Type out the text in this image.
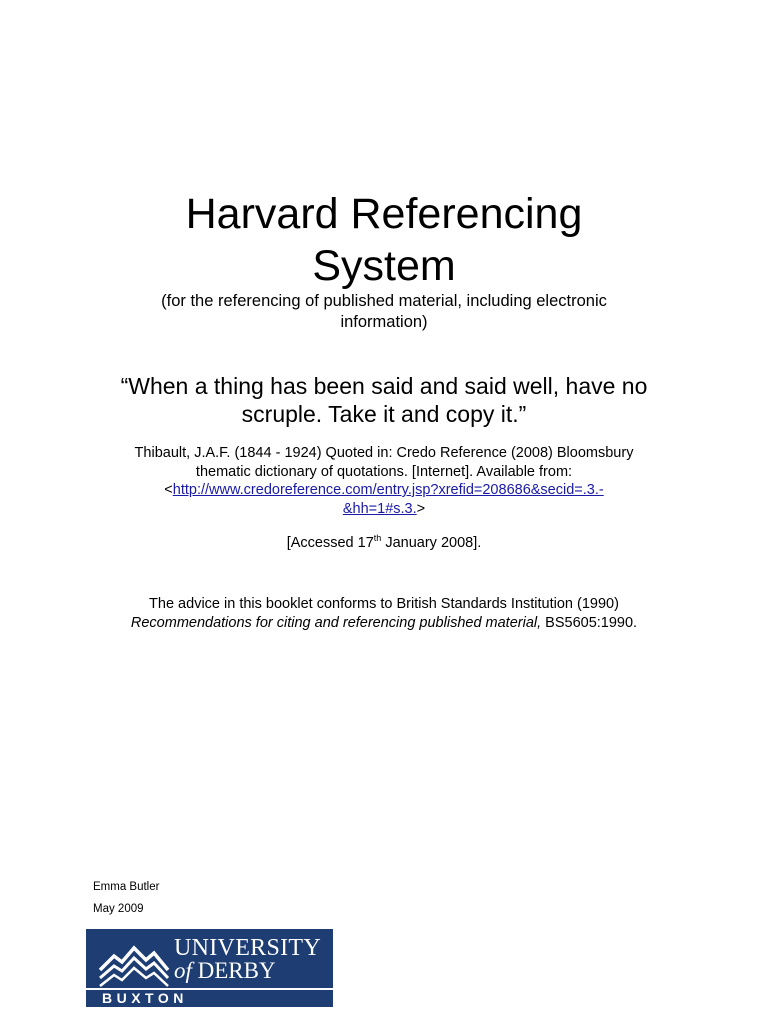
Harvard Referencing
System
(for the referencing of published material, including electronic
information)
“When a thing has been said and said well, have no
scruple. Take it and copy it.”
Thibault, J.A.F. (1844 - 1924) Quoted in: Credo Reference (2008) Bloomsbury
thematic dictionary of quotations. [Internet]. Available from:
<http://www.credoreference.com/entry.jsp?xrefid=208686&secid=.3.-
&hh=1#s.3.>
[Accessed 17th January 2008].
The advice in this booklet conforms to British Standards Institution (1990)
Recommendations for citing and referencing published material, BS5605:1990.
Emma Butler
May 2009
UNIVERSITY
of DERBY
BUXTON
